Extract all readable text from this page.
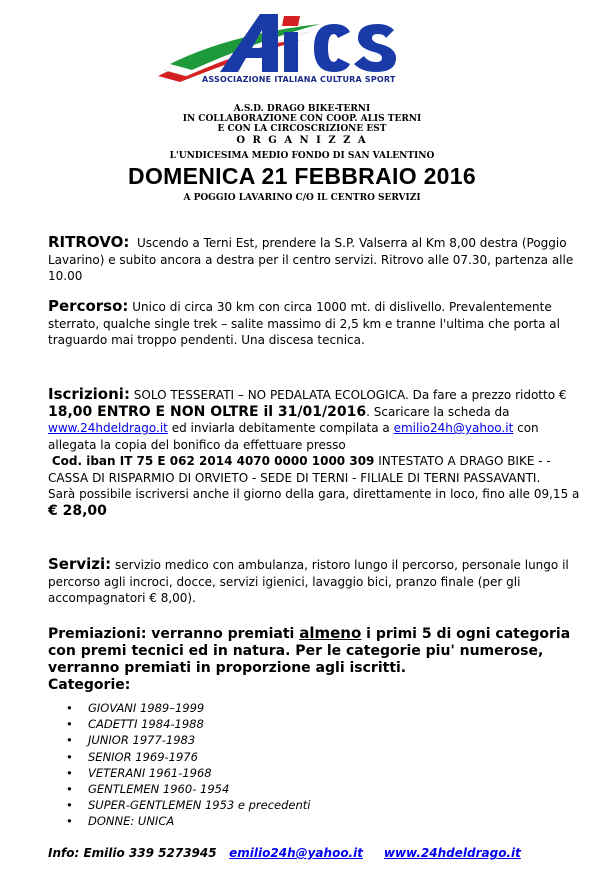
ASSOCIAZIONE ITALIANA CULTURA SPORT
A.S.D. DRAGO BIKE-TERNI
IN COLLABORAZIONE CON COOP. ALIS TERNI
E CON LA CIRCOSCRIZIONE EST
O R G A N I Z Z A
L'UNDICESIMA MEDIO FONDO DI SAN VALENTINO
DOMENICA 21 FEBBRAIO 2016
A POGGIO LAVARINO C/O IL CENTRO SERVIZI
RITROVO: Uscendo a Terni Est, prendere la S.P. Valserra al Km 8,00 destra (Poggio Lavarino) e subito ancora a destra per il centro servizi. Ritrovo alle 07.30, partenza alle 10.00
Percorso: Unico di circa 30 km con circa 1000 mt. di dislivello. Prevalentemente sterrato, qualche single trek – salite massimo di 2,5 km e tranne l'ultima che porta al traguardo mai troppo pendenti. Una discesa tecnica.
Iscrizioni: SOLO TESSERATI – NO PEDALATA ECOLOGICA. Da fare a prezzo ridotto € 18,00 ENTRO E NON OLTRE il 31/01/2016. Scaricare la scheda da www.24hdeldrago.it ed inviarla debitamente compilata a emilio24h@yahoo.it con allegata la copia del bonifico da effettuare presso
Cod. iban IT 75 E 062 2014 4070 0000 1000 309 INTESTATO A DRAGO BIKE - -CASSA DI RISPARMIO DI ORVIETO - SEDE DI TERNI - FILIALE DI TERNI PASSAVANTI.
Sarà possibile iscriversi anche il giorno della gara, direttamente in loco, fino alle 09,15 a € 28,00
Servizi: servizio medico con ambulanza, ristoro lungo il percorso, personale lungo il percorso agli incroci, docce, servizi igienici, lavaggio bici, pranzo finale (per gli accompagnatori € 8,00).
Premiazioni: verranno premiati almeno i primi 5 di ogni categoria con premi tecnici ed in natura. Per le categorie piu' numerose, verranno premiati in proporzione agli iscritti.
Categorie:
• GIOVANI 1989–1999
• CADETTI 1984-1988
• JUNIOR 1977-1983
• SENIOR 1969-1976
• VETERANI 1961-1968
• GENTLEMEN 1960- 1954
• SUPER-GENTLEMEN 1953 e precedenti
• DONNE: UNICA
Info: Emilio 339 5273945 emilio24h@yahoo.it www.24hdeldrago.it
